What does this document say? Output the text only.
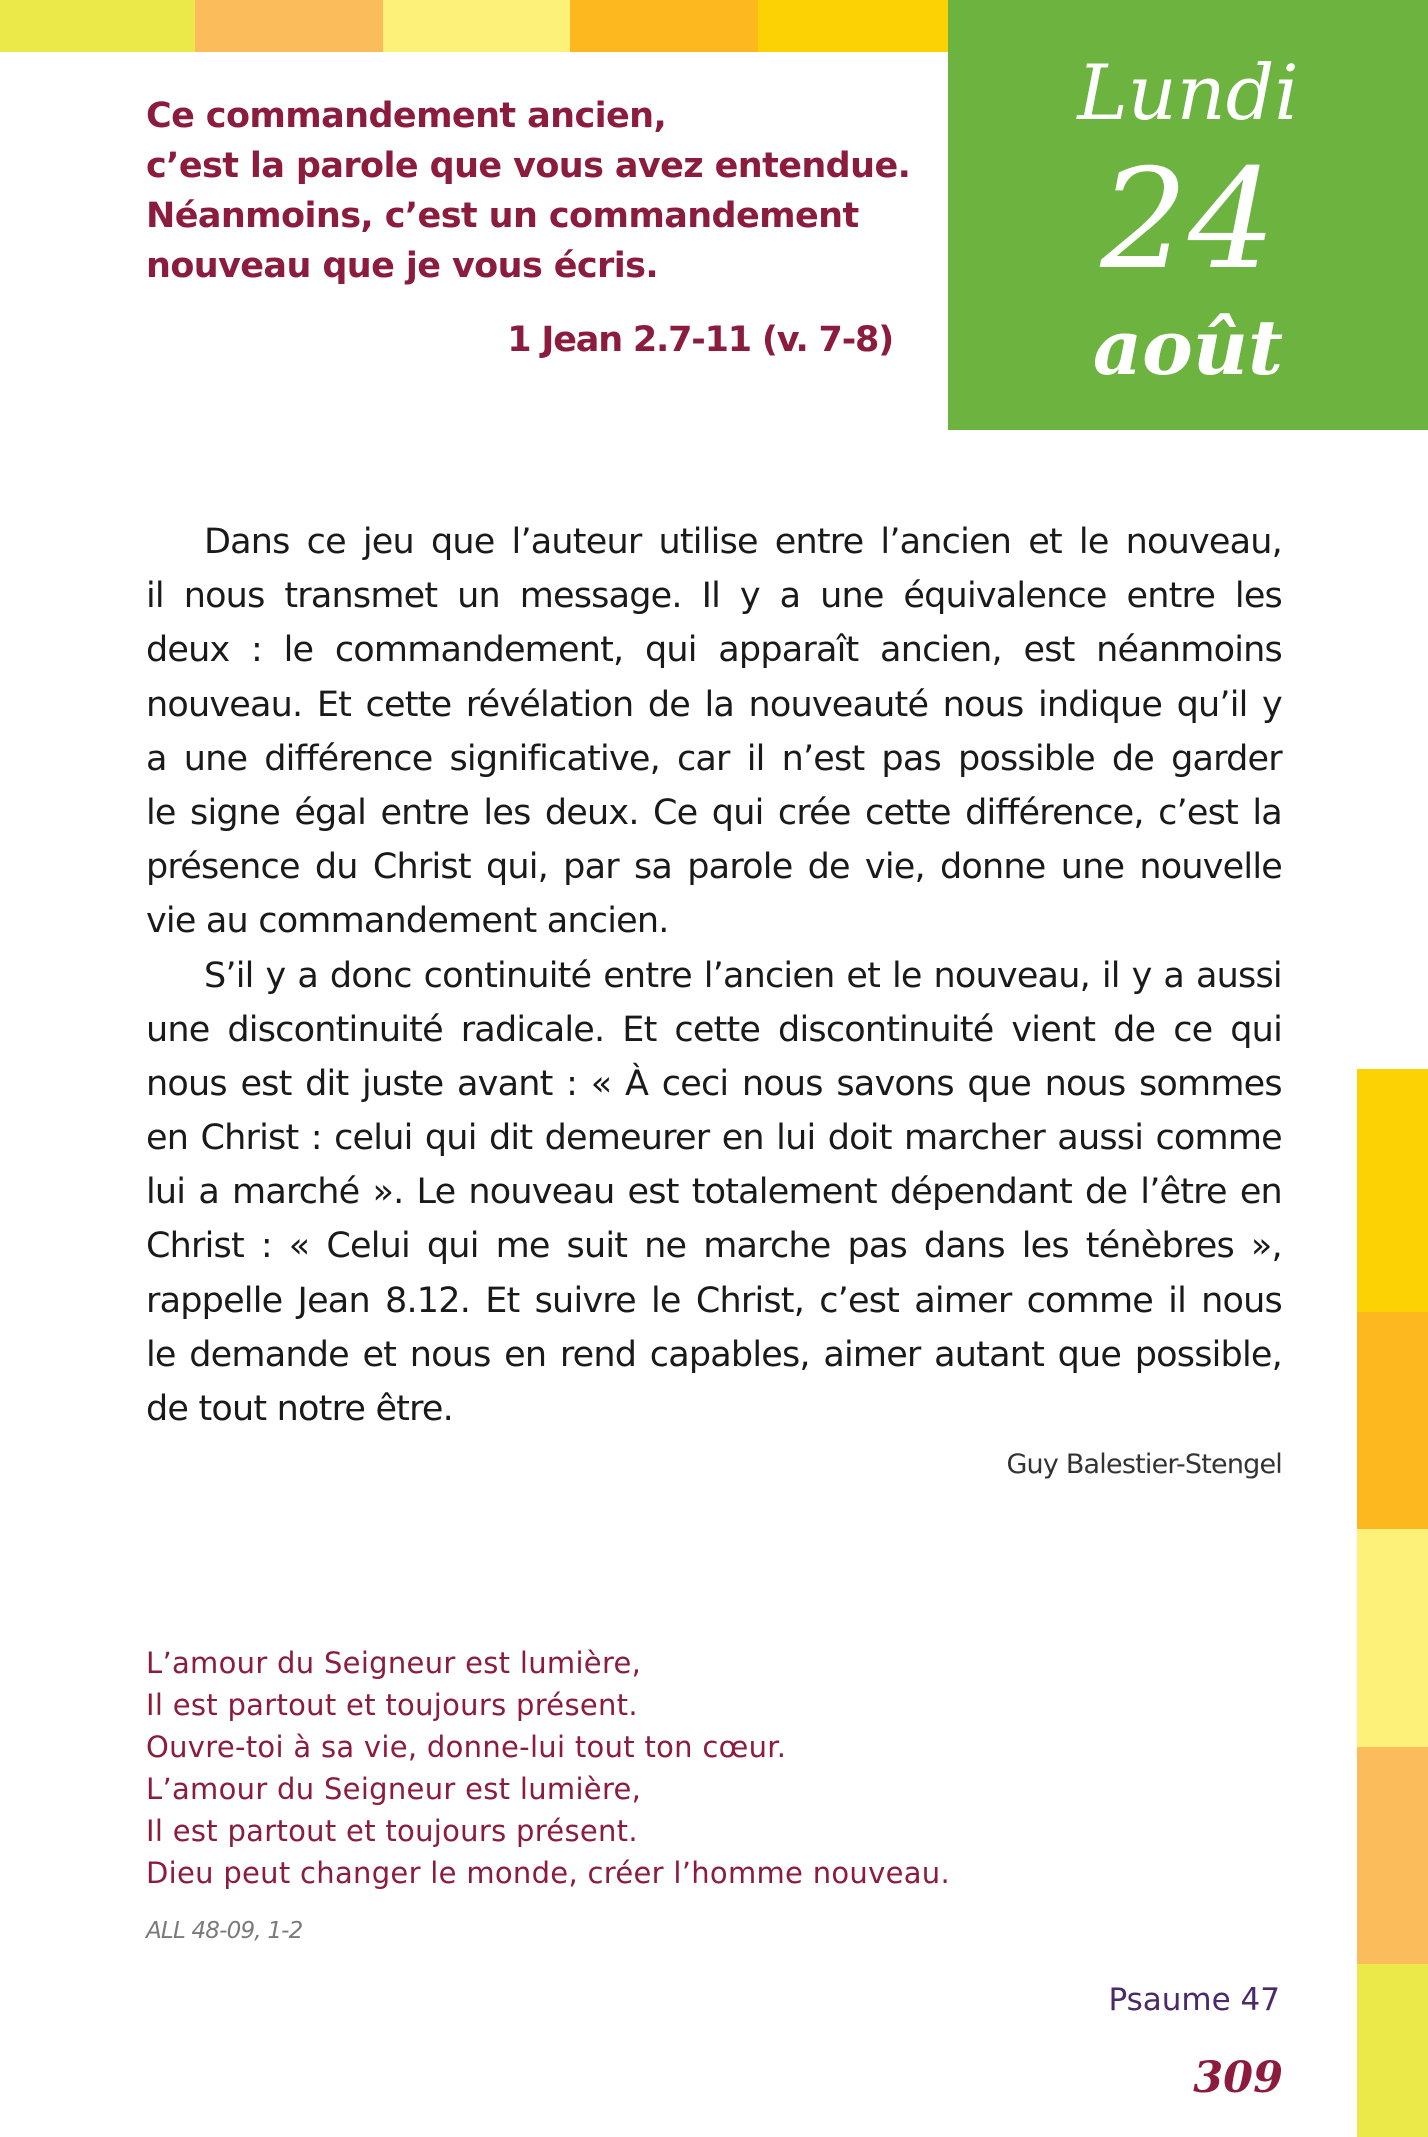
Lundi
24
août
Ce commandement ancien,
c’est la parole que vous avez entendue.
Néanmoins, c’est un commandement
nouveau que je vous écris.
1 Jean 2.7-11 (v. 7-8)
Dans ce jeu que l’auteur utilise entre l’ancien et le nouveau,
il nous transmet un message. Il y a une équivalence entre les
deux : le commandement, qui apparaît ancien, est néanmoins
nouveau. Et cette révélation de la nouveauté nous indique qu’il y
a une différence significative, car il n’est pas possible de garder
le signe égal entre les deux. Ce qui crée cette différence, c’est la
présence du Christ qui, par sa parole de vie, donne une nouvelle
vie au commandement ancien.
S’il y a donc continuité entre l’ancien et le nouveau, il y a aussi
une discontinuité radicale. Et cette discontinuité vient de ce qui
nous est dit juste avant : « À ceci nous savons que nous sommes
en Christ : celui qui dit demeurer en lui doit marcher aussi comme
lui a marché ». Le nouveau est totalement dépendant de l’être en
Christ : « Celui qui me suit ne marche pas dans les ténèbres »,
rappelle Jean 8.12. Et suivre le Christ, c’est aimer comme il nous
le demande et nous en rend capables, aimer autant que possible,
de tout notre être.
Guy Balestier-Stengel
L’amour du Seigneur est lumière,
Il est partout et toujours présent.
Ouvre-toi à sa vie, donne-lui tout ton cœur.
L’amour du Seigneur est lumière,
Il est partout et toujours présent.
Dieu peut changer le monde, créer l’homme nouveau.
ALL 48-09, 1-2
Psaume 47
309
